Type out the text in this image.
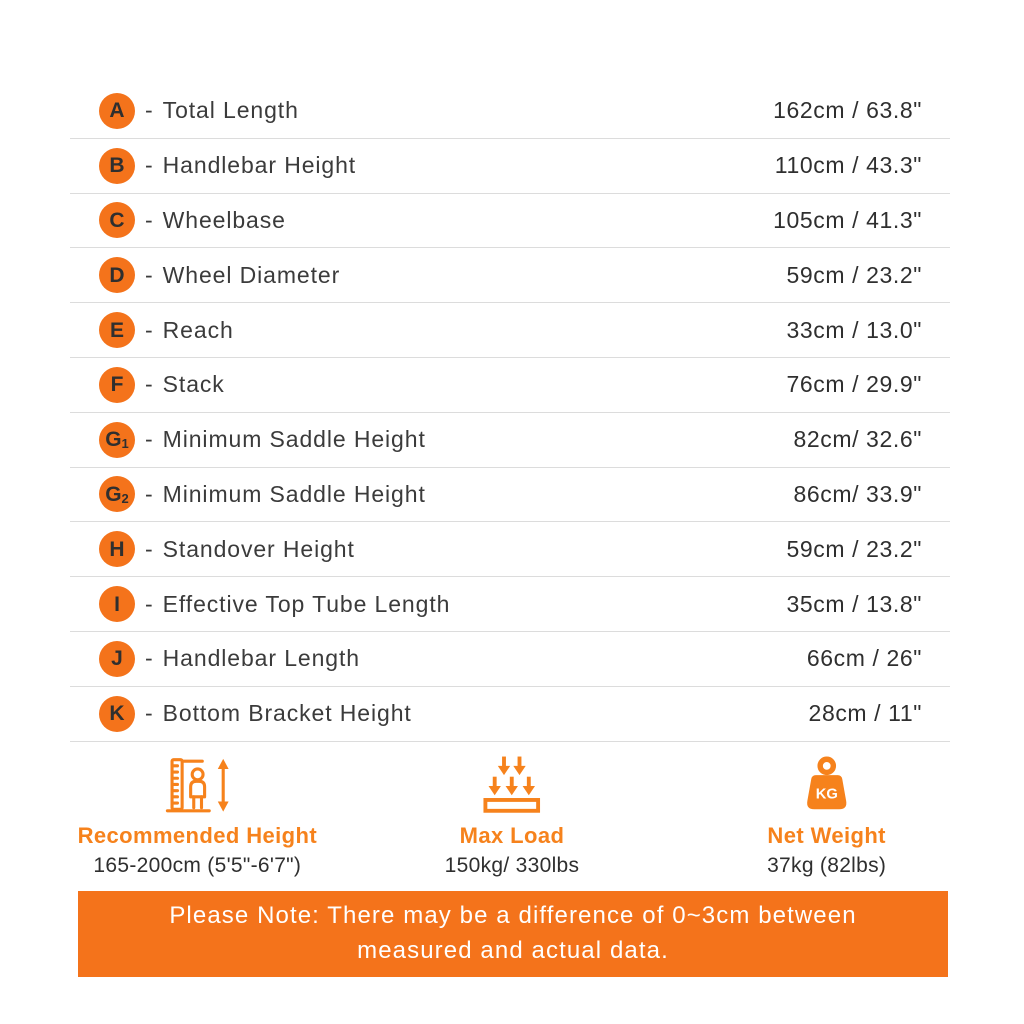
A - Total Length	162cm / 63.8"
B - Handlebar Height	110cm / 43.3"
C - Wheelbase	105cm / 41.3"
D - Wheel Diameter	59cm / 23.2"
E - Reach	33cm / 13.0"
F - Stack	76cm / 29.9"
G 1 - Minimum Saddle Height	82cm/ 32.6"
G 2 - Minimum Saddle Height	86cm/ 33.9"
H - Standover Height	59cm / 23.2"
I - Effective Top Tube Length	35cm / 13.8"
J - Handlebar Length	66cm / 26"
K - Bottom Bracket Height	28cm / 11"
Recommended Height
165-200cm (5'5"-6'7")
Max Load
150kg/ 330lbs
KG
Net Weight
37kg (82lbs)
Please Note: There may be a difference of 0~3cm between measured and actual data.
